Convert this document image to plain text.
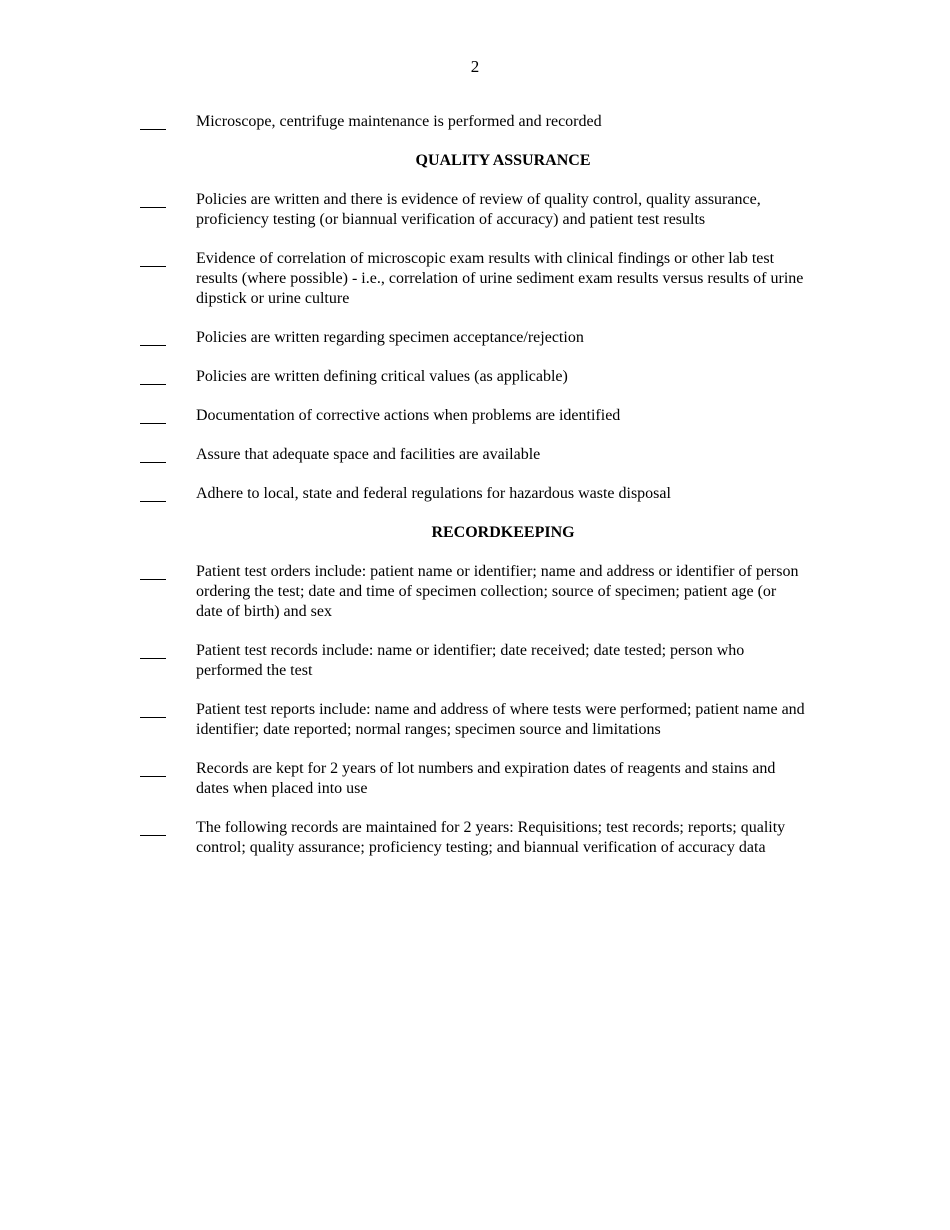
2
Microscope, centrifuge maintenance is performed and recorded
QUALITY ASSURANCE
Policies are written and there is evidence of review of quality control, quality assurance, proficiency testing (or biannual verification of accuracy) and patient test results
Evidence of correlation of microscopic exam results with clinical findings or other lab test results (where possible) - i.e., correlation of urine sediment exam results versus results of urine dipstick or urine culture
Policies are written regarding specimen acceptance/rejection
Policies are written defining critical values (as applicable)
Documentation of corrective actions when problems are identified
Assure that adequate space and facilities are available
Adhere to local, state and federal regulations for hazardous waste disposal
RECORDKEEPING
Patient test orders include: patient name or identifier; name and address or identifier of person ordering the test; date and time of specimen collection; source of specimen; patient age (or date of birth) and sex
Patient test records include: name or identifier; date received; date tested; person who performed the test
Patient test reports include: name and address of where tests were performed; patient name and identifier; date reported; normal ranges; specimen source and limitations
Records are kept for 2 years of lot numbers and expiration dates of reagents and stains and dates when placed into use
The following records are maintained for 2 years: Requisitions; test records; reports; quality control; quality assurance; proficiency testing; and biannual verification of accuracy data
